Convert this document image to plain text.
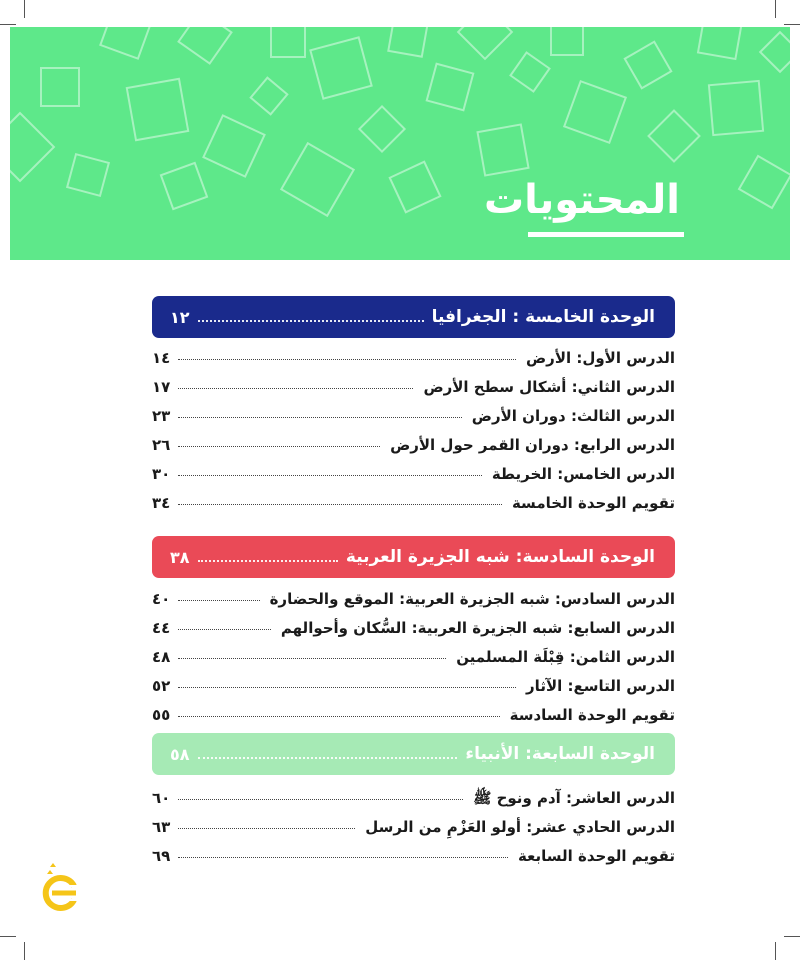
المحتويات
الوحدة الخامسة : الجغرافيا
١٢
الدرس الأول: الأرض
١٤
الدرس الثاني: أشكال سطح الأرض
١٧
الدرس الثالث: دوران الأرض
٢٣
الدرس الرابع: دوران القمر حول الأرض
٢٦
الدرس الخامس: الخريطة
٣٠
تقويم الوحدة الخامسة
٣٤
الوحدة السادسة: شبه الجزيرة العربية
٣٨
الدرس السادس: شبه الجزيرة العربية: الموقع والحضارة
٤٠
الدرس السابع: شبه الجزيرة العربية: السُّكان وأحوالهم
٤٤
الدرس الثامن: قِبْلَة المسلمين
٤٨
الدرس التاسع: الآثار
٥٢
تقويم الوحدة السادسة
٥٥
الوحدة السابعة: الأنبياء
٥٨
الدرس العاشر: آدم ونوح ﷺ
٦٠
الدرس الحادي عشر: أولو العَزْمِ من الرسل
٦٣
تقويم الوحدة السابعة
٦٩
